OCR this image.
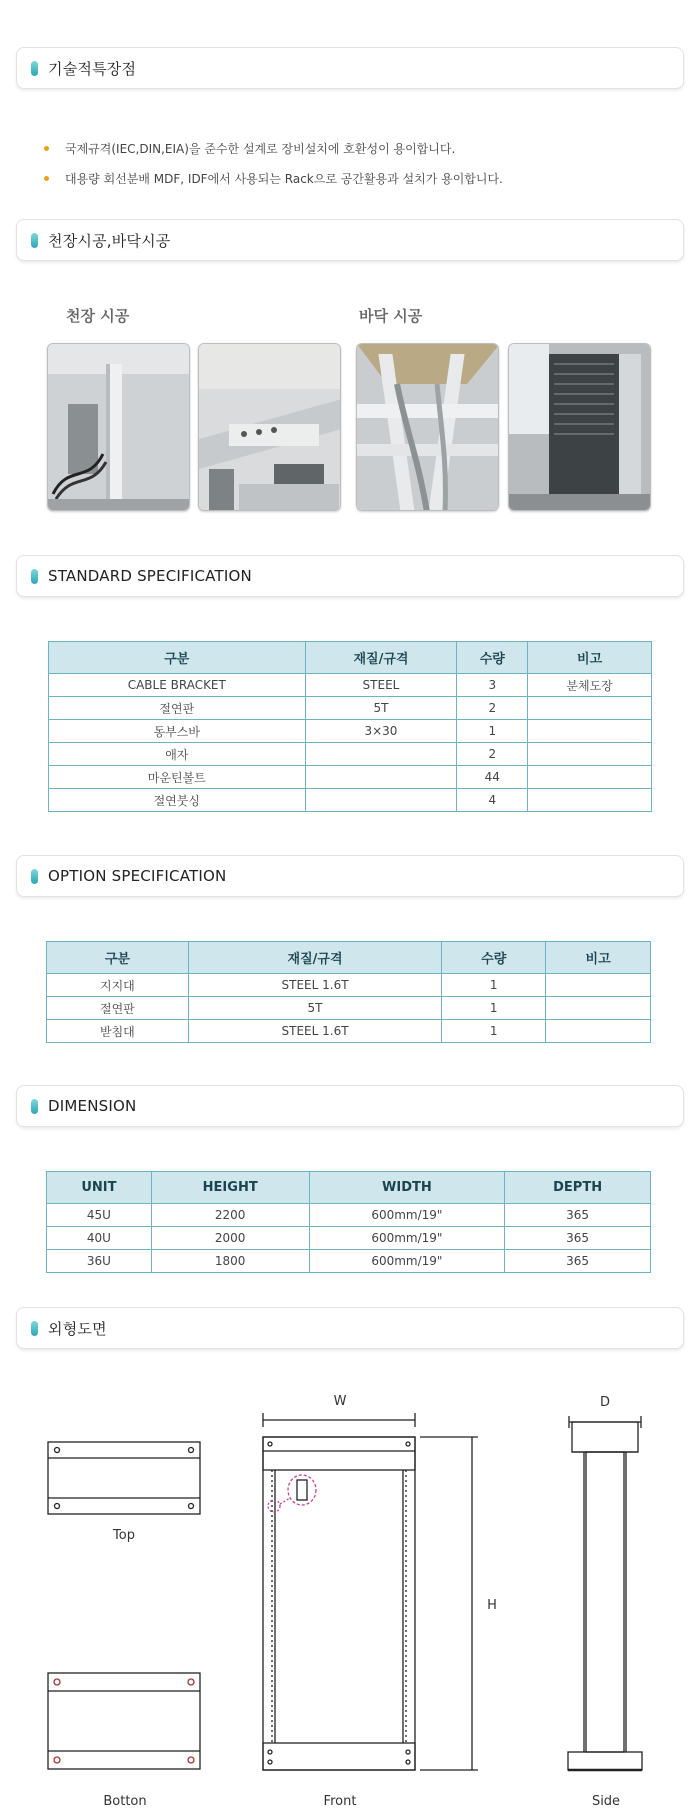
기술적특장점
국제규격(IEC,DIN,EIA)을 준수한 설계로 장비설치에 호환성이 용이합니다.
대용량 회선분배 MDF, IDF에서 사용되는 Rack으로 공간활용과 설치가 용이합니다.
천장시공,바닥시공
천장 시공	바닥 시공
STANDARD SPECIFICATION
구분	재질/규격	수량	비고
CABLE BRACKET	STEEL	3	분체도장
절연판	5T	2	
동부스바	3×30	1	
애자		2	
마운틴볼트		44	
절연붓싱		4	
OPTION SPECIFICATION
구분	재질/규격	수량	비고
지지대	STEEL 1.6T	1	
절연판	5T	1	
받침대	STEEL 1.6T	1	
DIMENSION
UNIT	HEIGHT	WIDTH	DEPTH
45U	2200	600mm/19"	365
40U	2000	600mm/19"	365
36U	1800	600mm/19"	365
외형도면
Top
Botton	Front	Side
W
H
D
